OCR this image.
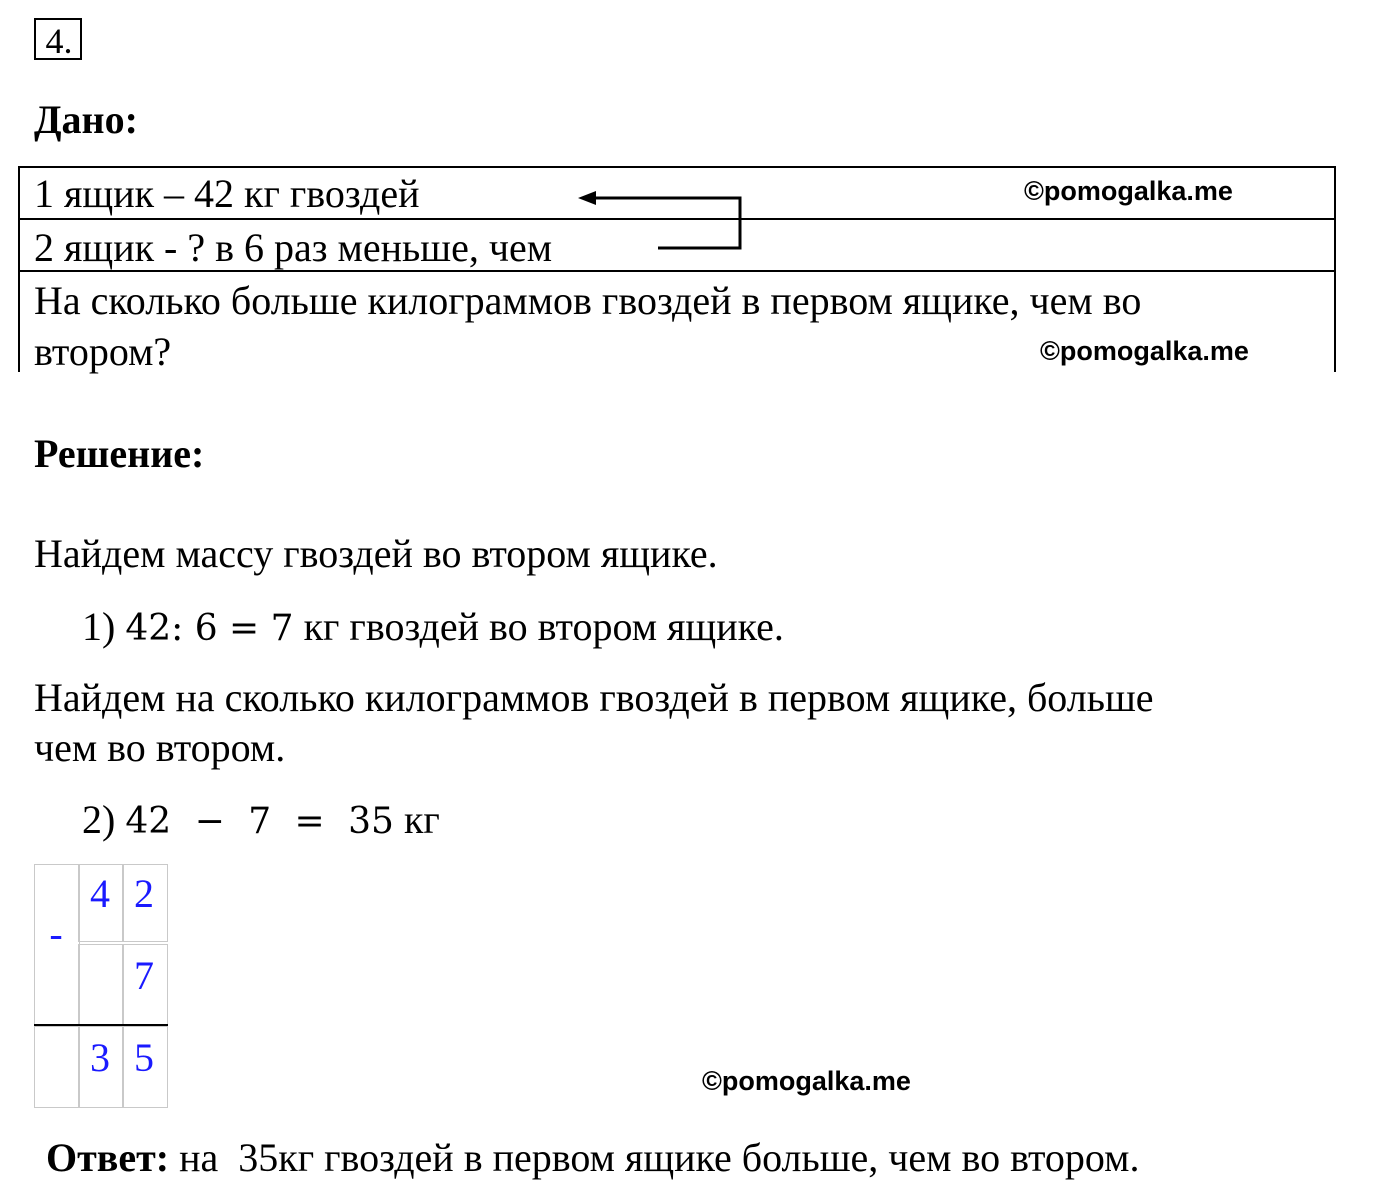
4.
Дано:
1 ящик – 42 кг гвоздей
2 ящик - ? в 6 раз меньше, чем
На сколько больше килограммов гвоздей в первом ящике, чем во
втором?
©pomogalka.me
©pomogalka.me
©pomogalka.me
Решение:
Найдем массу гвоздей во втором ящике.
1) 42: 6 = 7 кг гвоздей во втором ящике.
Найдем на сколько килограммов гвоздей в первом ящике, больше
чем во втором.
2) 42 − 7 = 35 кг
-
4 2
7
3 5
Ответ: на  35кг гвоздей в первом ящике больше, чем во втором.
